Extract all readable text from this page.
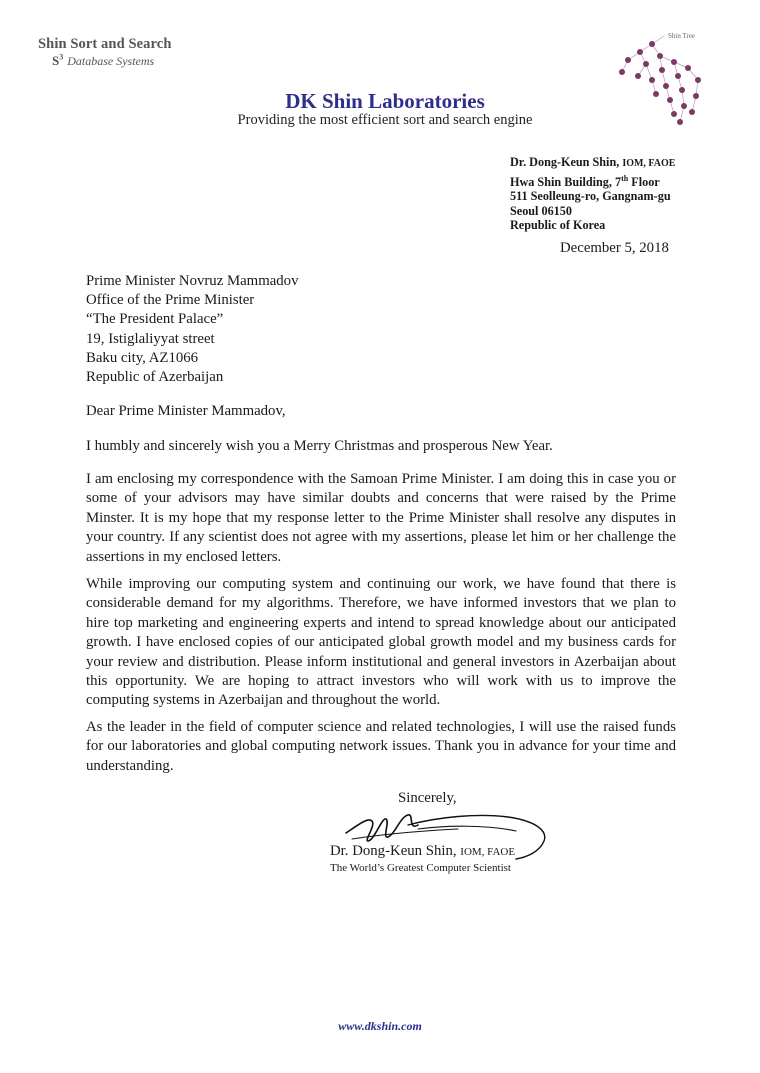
Shin Sort and Search
$S^3$ Database Systems
Shin Tree
DK Shin Laboratories
Providing the most efficient sort and search engine
Dr. Dong-Keun Shin, IOM, FAOE
Hwa Shin Building, 7th Floor
511 Seolleung-ro, Gangnam-gu
Seoul 06150
Republic of Korea
December 5, 2018
Prime Minister Novruz Mammadov
Office of the Prime Minister
“The President Palace”
19, Istiglaliyyat street
Baku city, AZ1066
Republic of Azerbaijan
Dear Prime Minister Mammadov,
I humbly and sincerely wish you a Merry Christmas and prosperous New Year.
I am enclosing my correspondence with the Samoan Prime Minister. I am doing this in case you or some of your advisors may have similar doubts and concerns that were raised by the Prime Minster. It is my hope that my response letter to the Prime Minister shall resolve any disputes in your country. If any scientist does not agree with my assertions, please let him or her challenge the assertions in my enclosed letters.
While improving our computing system and continuing our work, we have found that there is considerable demand for my algorithms. Therefore, we have informed investors that we plan to hire top marketing and engineering experts and intend to spread knowledge about our anticipated growth. I have enclosed copies of our anticipated global growth model and my business cards for your review and distribution. Please inform institutional and general investors in Azerbaijan about this opportunity. We are hoping to attract investors who will work with us to improve the computing systems in Azerbaijan and throughout the world.
As the leader in the field of computer science and related technologies, I will use the raised funds for our laboratories and global computing network issues. Thank you in advance for your time and understanding.
Sincerely,
Dr. Dong-Keun Shin, IOM, FAOE
The World’s Greatest Computer Scientist
www.dkshin.com
